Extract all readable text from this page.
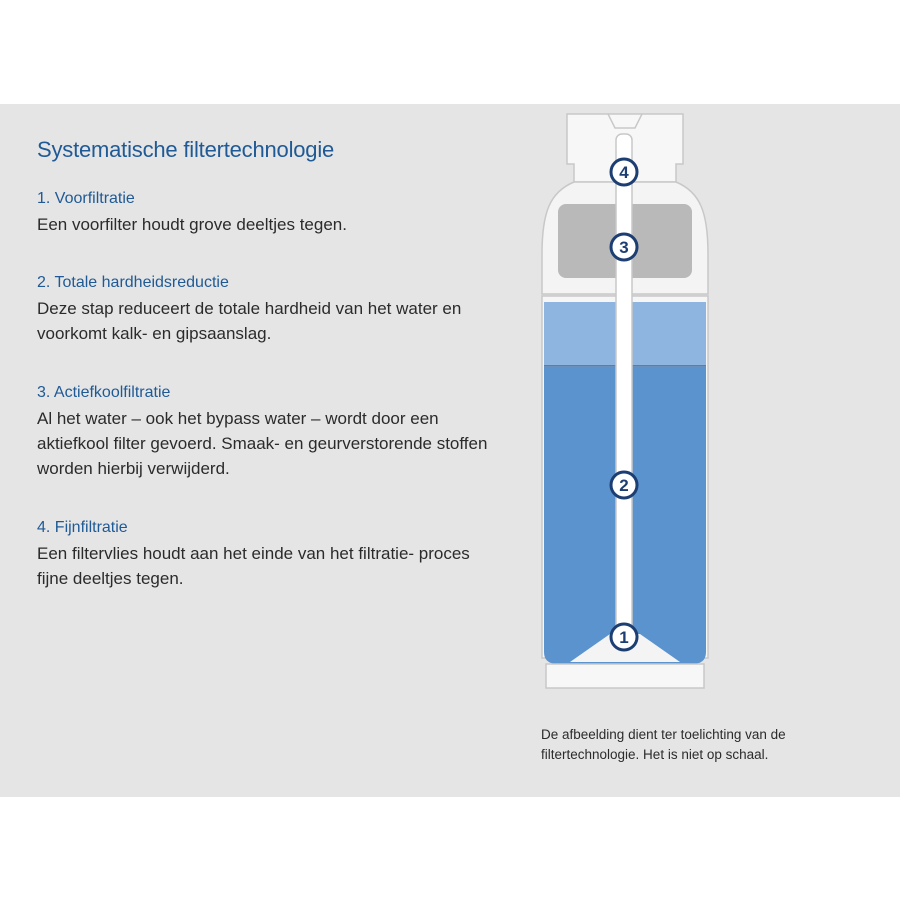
Systematische filtertechnologie

1. Voorfiltratie

Een voorfilter houdt grove deeltjes tegen.

2. Totale hardheidsreductie

Deze stap reduceert de totale hardheid van het water en voorkomt kalk- en gipsaanslag.

3. Actiefkoolfiltratie

Al het water – ook het bypass water – wordt door een aktiefkool filter gevoerd. Smaak- en geurverstorende stoffen worden hierbij verwijderd.

4. Fijnfiltratie

Een filtervlies houdt aan het einde van het filtratie- proces fijne deeltjes tegen.

4
3
2
1
De afbeelding dient ter toelichting van de filtertechnologie. Het is niet op schaal.
